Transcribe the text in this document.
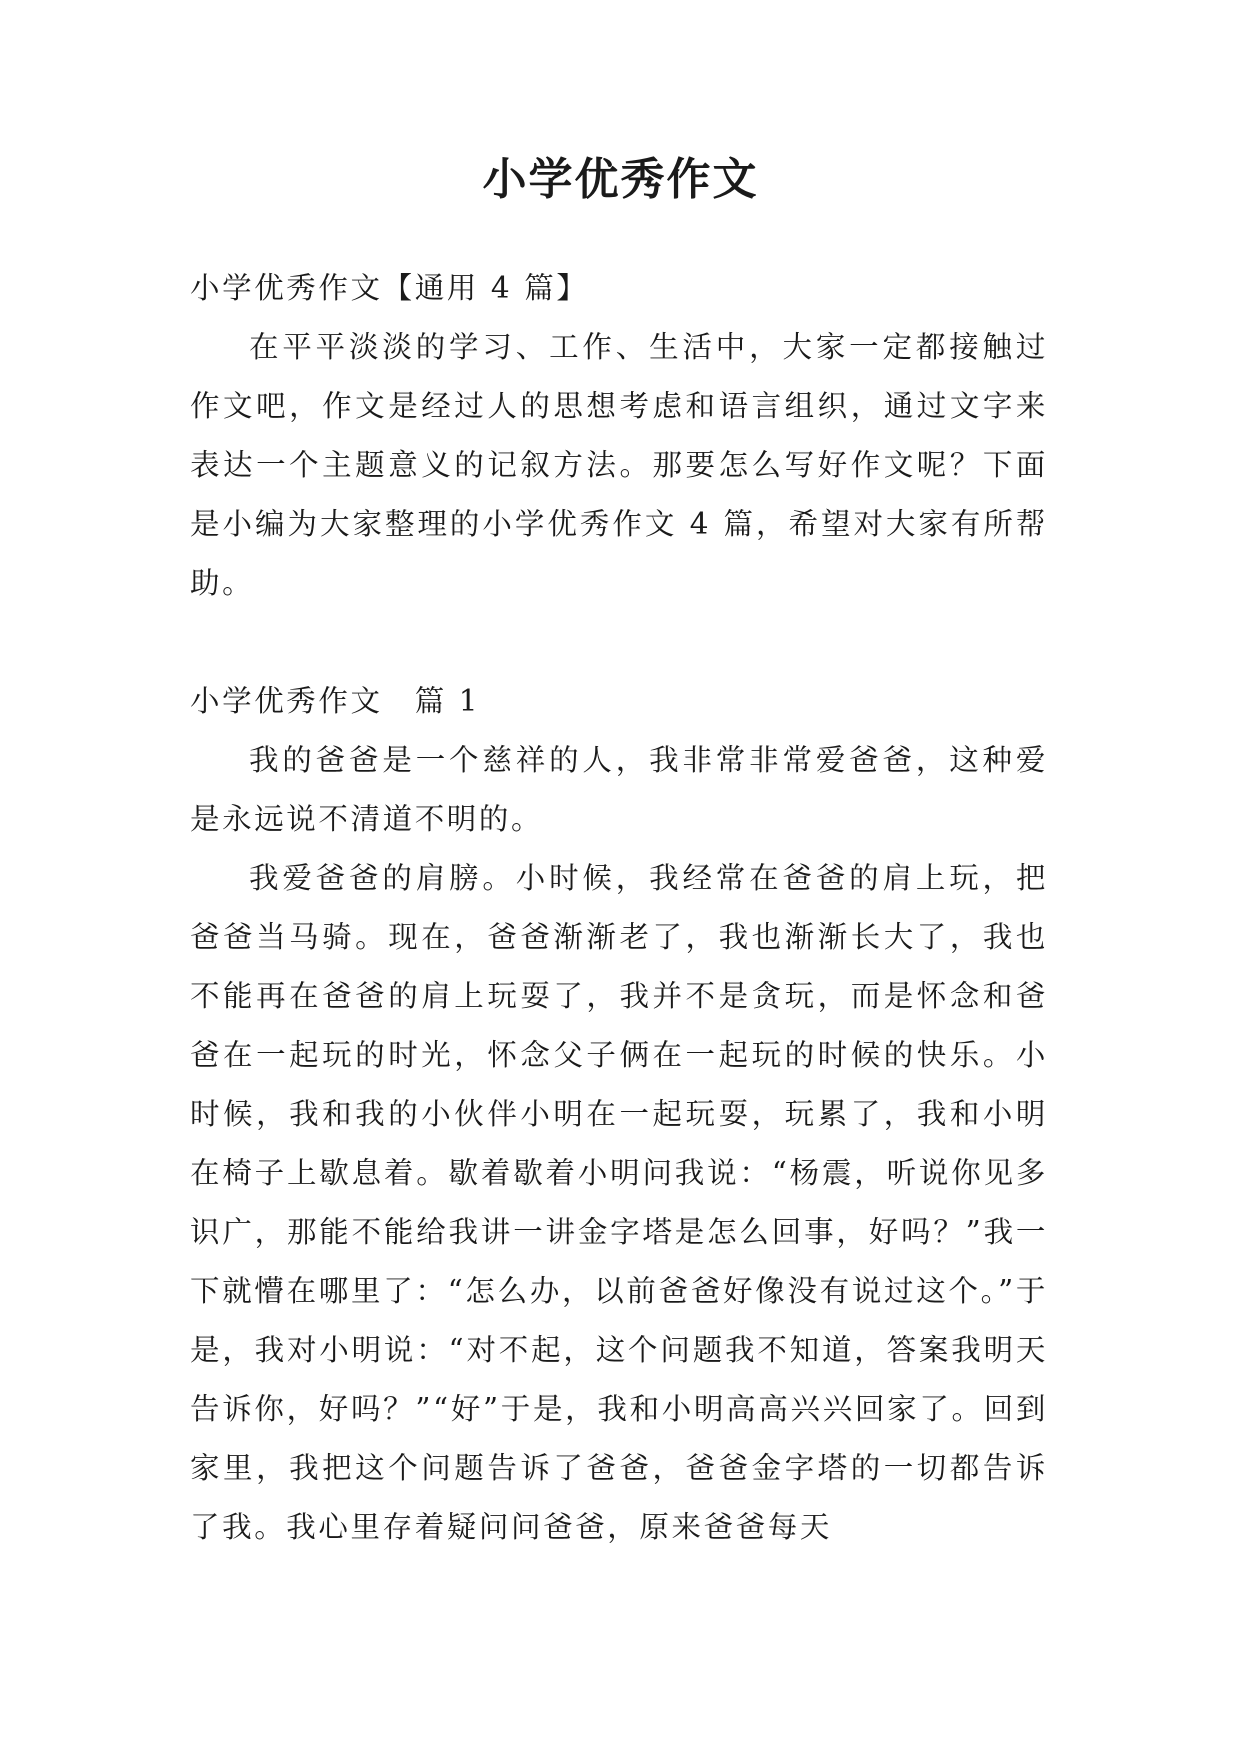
小学优秀作文

小学优秀作文【通用 4 篇】

在平平淡淡的学习、工作、生活中，大家一定都接触过作文吧，作文是经过人的思想考虑和语言组织，通过文字来表达一个主题意义的记叙方法。那要怎么写好作文呢？下面是小编为大家整理的小学优秀作文 4 篇，希望对大家有所帮助。

小学优秀作文　篇 1

我的爸爸是一个慈祥的人，我非常非常爱爸爸，这种爱是永远说不清道不明的。

我爱爸爸的肩膀。小时候，我经常在爸爸的肩上玩，把爸爸当马骑。现在，爸爸渐渐老了，我也渐渐长大了，我也不能再在爸爸的肩上玩耍了，我并不是贪玩，而是怀念和爸爸在一起玩的时光，怀念父子俩在一起玩的时候的快乐。小时候，我和我的小伙伴小明在一起玩耍，玩累了，我和小明在椅子上歇息着。歇着歇着小明问我说：“杨震，听说你见多识广，那能不能给我讲一讲金字塔是怎么回事，好吗？”我一下就懵在哪里了：“怎么办，以前爸爸好像没有说过这个。”于是，我对小明说：“对不起，这个问题我不知道，答案我明天告诉你，好吗？”“好”于是，我和小明高高兴兴回家了。回到家里，我把这个问题告诉了爸爸，爸爸金字塔的一切都告诉了我。我心里存着疑问问爸爸，原来爸爸每天
